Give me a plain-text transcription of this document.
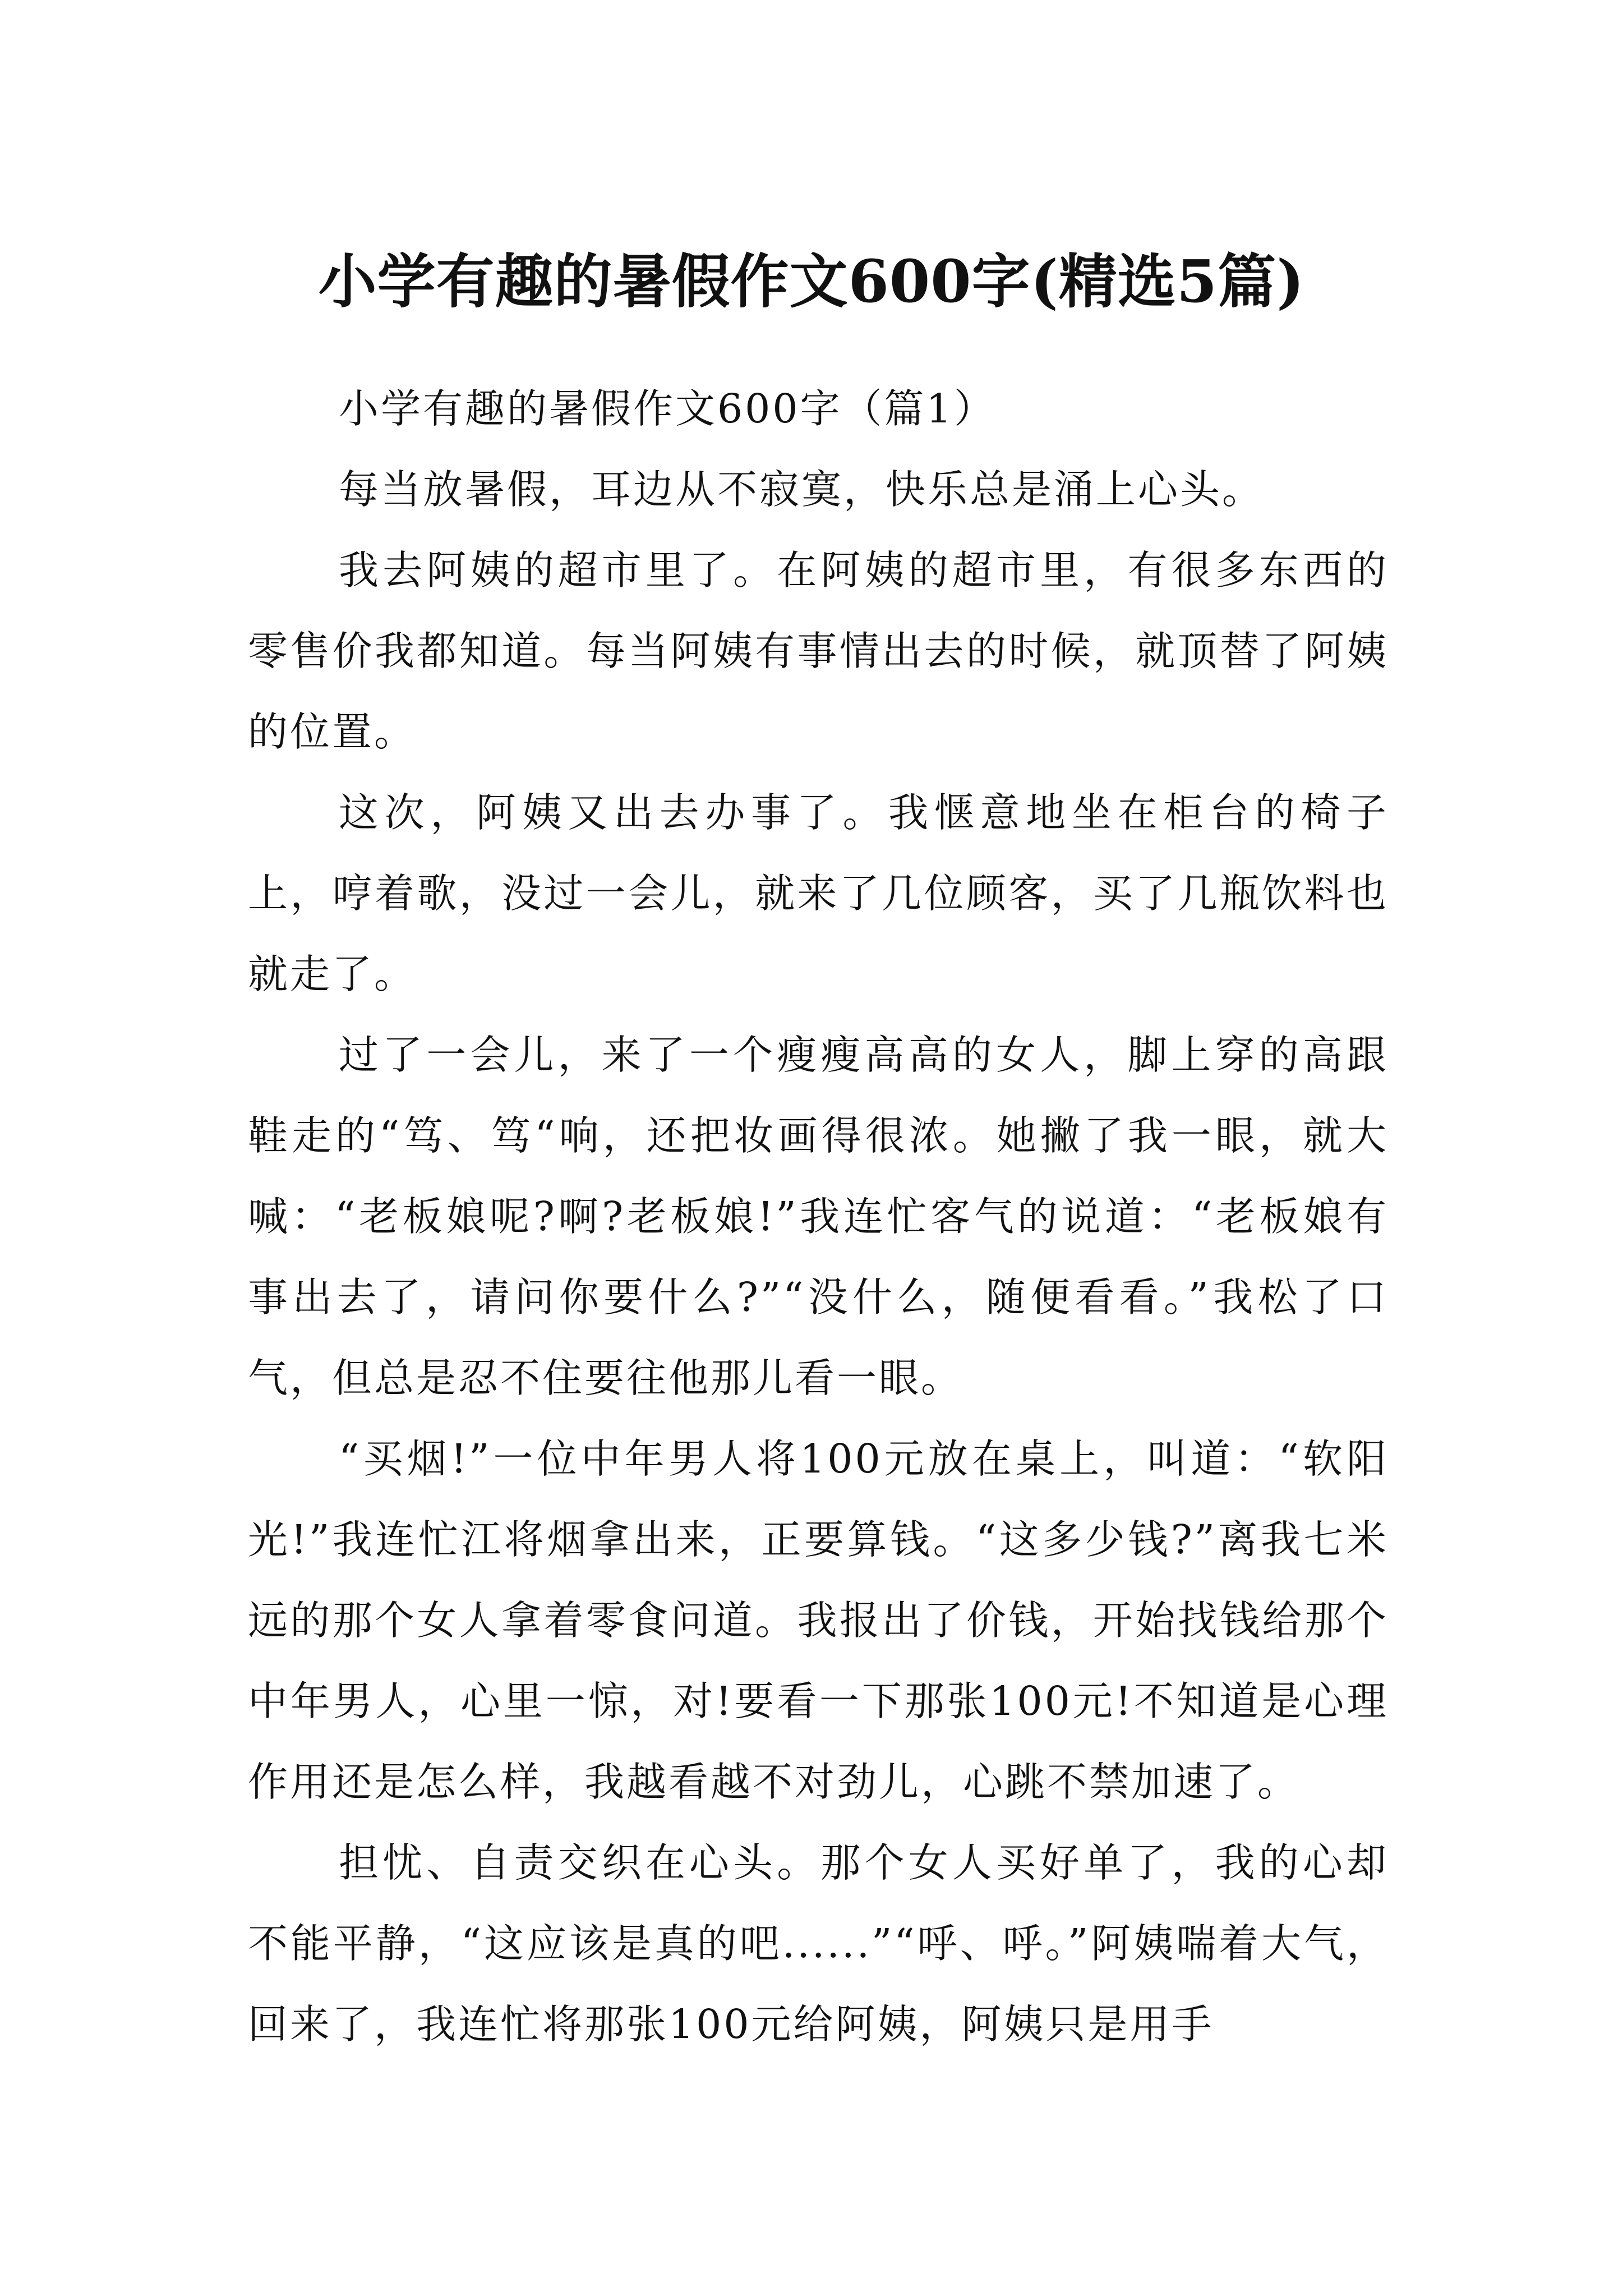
小学有趣的暑假作文600字(精选5篇)

小学有趣的暑假作文600字（篇1）

每当放暑假，耳边从不寂寞，快乐总是涌上心头。

我去阿姨的超市里了。在阿姨的超市里，有很多东西的零售价我都知道。每当阿姨有事情出去的时候，就顶替了阿姨的位置。

这次，阿姨又出去办事了。我惬意地坐在柜台的椅子上，哼着歌，没过一会儿，就来了几位顾客，买了几瓶饮料也就走了。

过了一会儿，来了一个瘦瘦高高的女人，脚上穿的高跟鞋走的“笃、笃“响，还把妆画得很浓。她撇了我一眼，就大喊：“老板娘呢?啊?老板娘!”我连忙客气的说道：“老板娘有事出去了，请问你要什么?”“没什么，随便看看。”我松了口气，但总是忍不住要往他那儿看一眼。

“买烟!”一位中年男人将100元放在桌上，叫道：“软阳光!”我连忙江将烟拿出来，正要算钱。“这多少钱?”离我七米远的那个女人拿着零食问道。我报出了价钱，开始找钱给那个中年男人，心里一惊，对!要看一下那张100元!不知道是心理作用还是怎么样，我越看越不对劲儿，心跳不禁加速了。

担忧、自责交织在心头。那个女人买好单了，我的心却不能平静，“这应该是真的吧......”“呼、呼。”阿姨喘着大气，回来了，我连忙将那张100元给阿姨，阿姨只是用手
